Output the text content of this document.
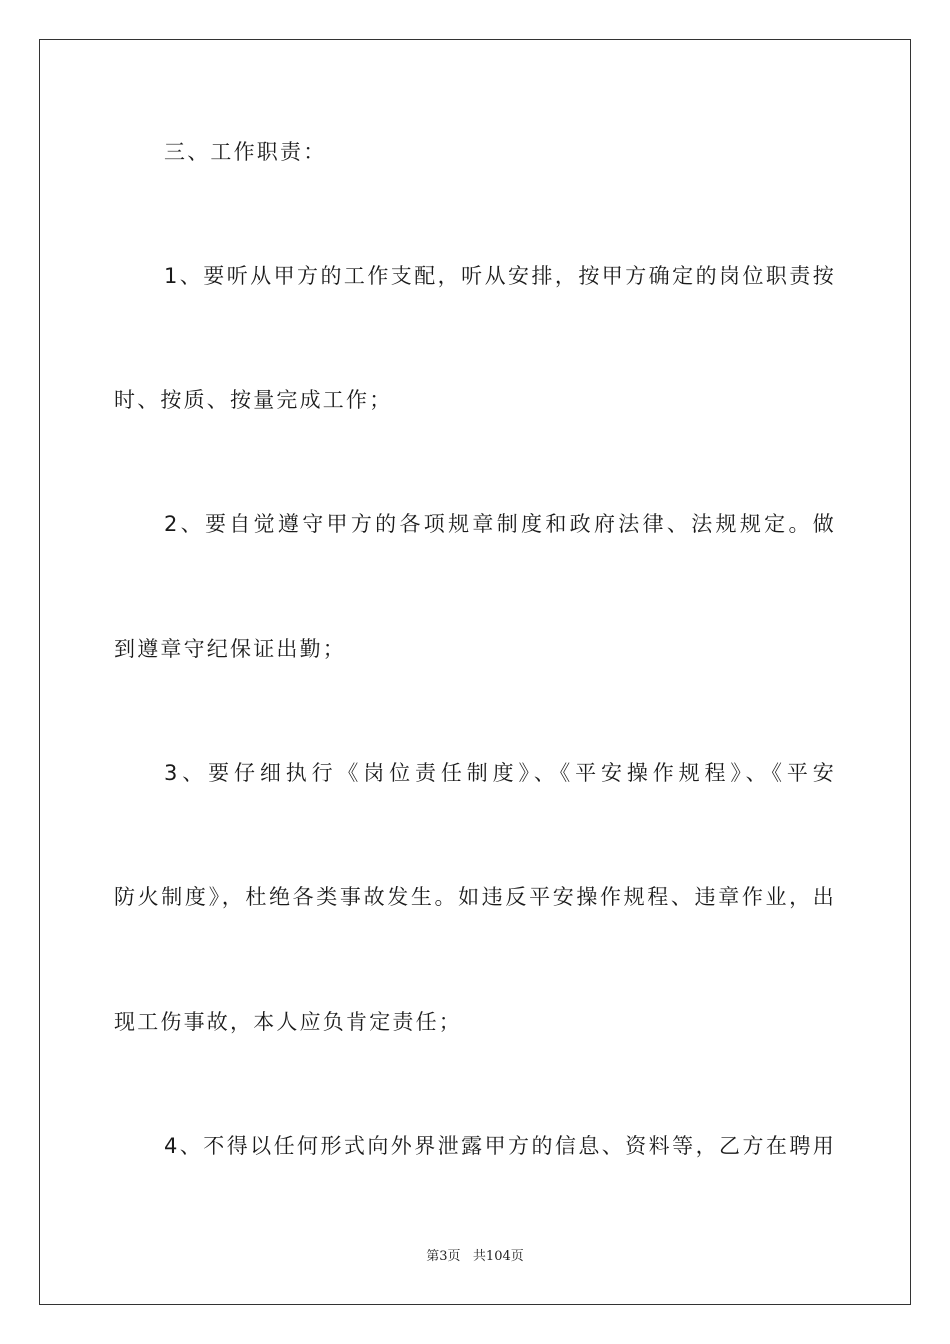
三、工作职责：
1、要听从甲方的工作支配，听从安排，按甲方确定的岗位职责按
时、按质、按量完成工作；
2、要自觉遵守甲方的各项规章制度和政府法律、法规规定。做
到遵章守纪保证出勤；
3、要仔细执行《岗位责任制度》、《平安操作规程》、《平安
防火制度》，杜绝各类事故发生。如违反平安操作规程、违章作业，出
现工伤事故，本人应负肯定责任；
4、不得以任何形式向外界泄露甲方的信息、资料等，乙方在聘用
第3页 共104页
